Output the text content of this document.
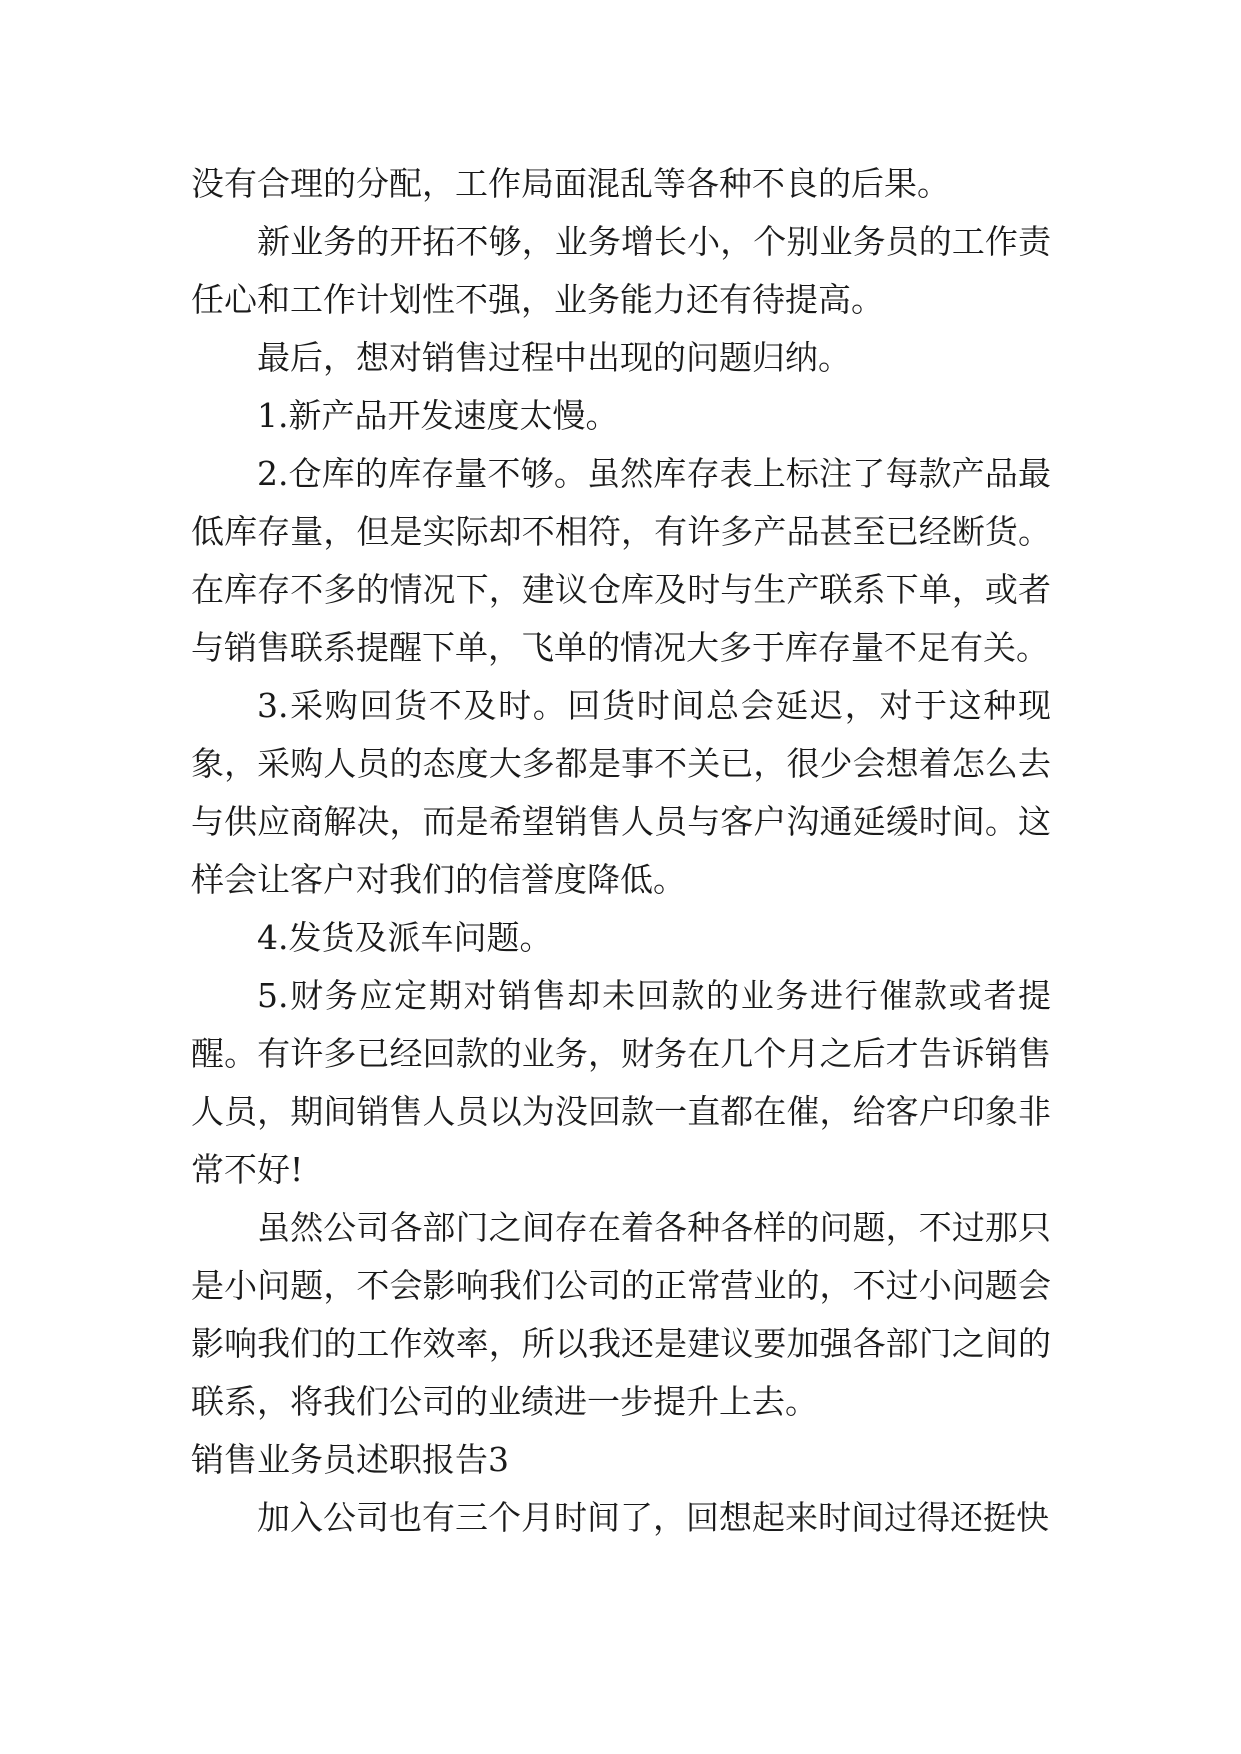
没有合理的分配，工作局面混乱等各种不良的后果。

新业务的开拓不够，业务增长小，个别业务员的工作责任心和工作计划性不强，业务能力还有待提高。

最后，想对销售过程中出现的问题归纳。

1.新产品开发速度太慢。

2.仓库的库存量不够。虽然库存表上标注了每款产品最低库存量，但是实际却不相符，有许多产品甚至已经断货。在库存不多的情况下，建议仓库及时与生产联系下单，或者与销售联系提醒下单，飞单的情况大多于库存量不足有关。

3.采购回货不及时。回货时间总会延迟，对于这种现象，采购人员的态度大多都是事不关已，很少会想着怎么去与供应商解决，而是希望销售人员与客户沟通延缓时间。这样会让客户对我们的信誉度降低。

4.发货及派车问题。

5.财务应定期对销售却未回款的业务进行催款或者提醒。有许多已经回款的业务，财务在几个月之后才告诉销售人员，期间销售人员以为没回款一直都在催，给客户印象非常不好!

虽然公司各部门之间存在着各种各样的问题，不过那只是小问题，不会影响我们公司的正常营业的，不过小问题会影响我们的工作效率，所以我还是建议要加强各部门之间的联系，将我们公司的业绩进一步提升上去。

销售业务员述职报告3

加入公司也有三个月时间了，回想起来时间过得还挺快
